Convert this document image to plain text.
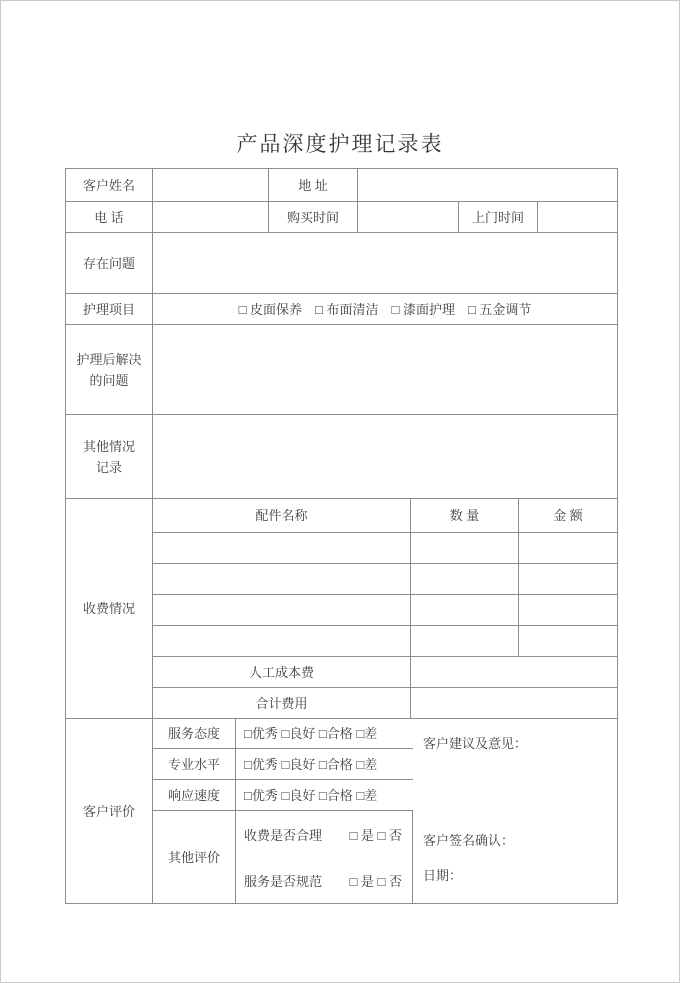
产品深度护理记录表
客户姓名	地 址
电 话	购买时间	上门时间
存在问题
护理项目	□ 皮面保养　□ 布面清洁　□ 漆面护理　□ 五金调节
护理后解决
的问题
其他情况
记录
收费情况
配件名称	数 量	金 额
人工成本费
合计费用
客户评价
服务态度	□优秀 □良好 □合格 □差
专业水平	□优秀 □良好 □合格 □差
响应速度	□优秀 □良好 □合格 □差
其他评价
收费是否合理 □ 是 □ 否
服务是否规范 □ 是 □ 否
客户建议及意见：
客户签名确认：
日期：
